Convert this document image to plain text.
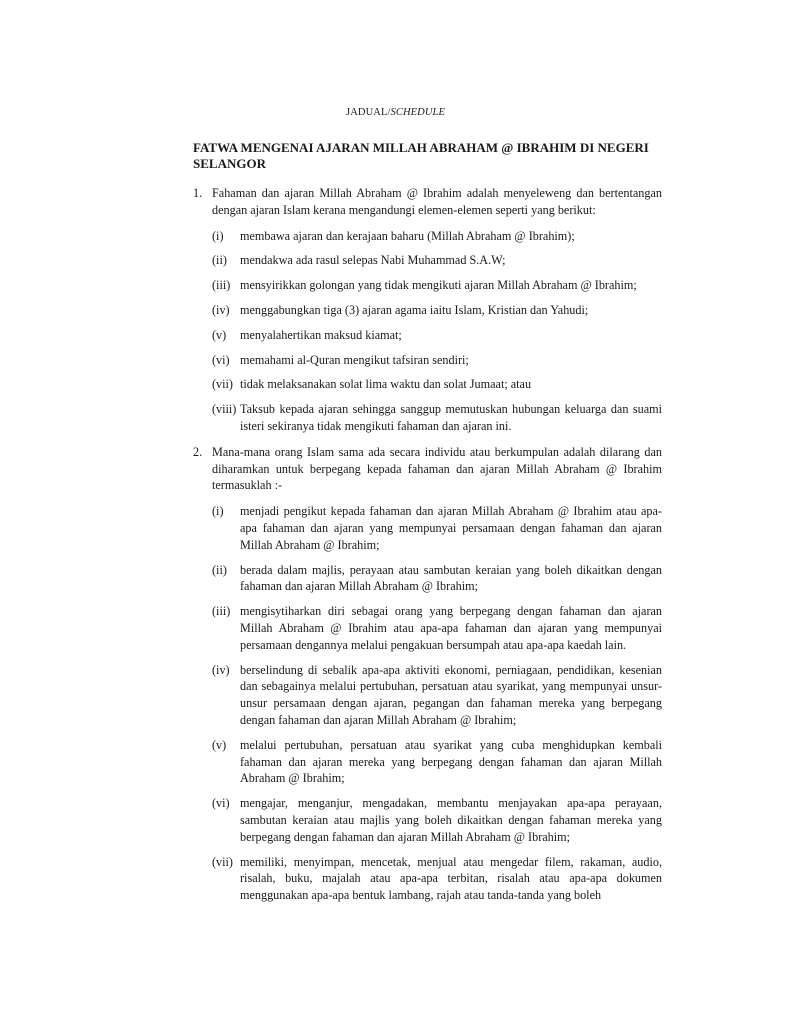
JADUAL/SCHEDULE
FATWA MENGENAI AJARAN MILLAH ABRAHAM @ IBRAHIM DI NEGERI SELANGOR
1. Fahaman dan ajaran Millah Abraham @ Ibrahim adalah menyeleweng dan bertentangan dengan ajaran Islam kerana mengandungi elemen-elemen seperti yang berikut:
(i)	membawa ajaran dan kerajaan baharu (Millah Abraham @ Ibrahim);
(ii)	mendakwa ada rasul selepas Nabi Muhammad S.A.W;
(iii) mensyirikkan golongan yang tidak mengikuti ajaran Millah Abraham @ Ibrahim;
(iv) menggabungkan tiga (3) ajaran agama iaitu Islam, Kristian dan Yahudi;
(v)	menyalahertikan maksud kiamat;
(vi) memahami al-Quran mengikut tafsiran sendiri;
(vii) tidak melaksanakan solat lima waktu dan solat Jumaat; atau
(viii) Taksub kepada ajaran sehingga sanggup memutuskan hubungan keluarga dan suami isteri sekiranya tidak mengikuti fahaman dan ajaran ini.
2. Mana-mana orang Islam sama ada secara individu atau berkumpulan adalah dilarang dan diharamkan untuk berpegang kepada fahaman dan ajaran Millah Abraham @ Ibrahim termasuklah :-
(i)	menjadi pengikut kepada fahaman dan ajaran Millah Abraham @ Ibrahim atau apa-apa fahaman dan ajaran yang mempunyai persamaan dengan fahaman dan ajaran Millah Abraham @ Ibrahim;
(ii)	berada dalam majlis, perayaan atau sambutan keraian yang boleh dikaitkan dengan fahaman dan ajaran Millah Abraham @ Ibrahim;
(iii) mengisytiharkan diri sebagai orang yang berpegang dengan fahaman dan ajaran Millah Abraham @ Ibrahim atau apa-apa fahaman dan ajaran yang mempunyai persamaan dengannya melalui pengakuan bersumpah atau apa-apa kaedah lain.
(iv) berselindung di sebalik apa-apa aktiviti ekonomi, perniagaan, pendidikan, kesenian dan sebagainya melalui pertubuhan, persatuan atau syarikat, yang mempunyai unsur-unsur persamaan dengan ajaran, pegangan dan fahaman mereka yang berpegang dengan fahaman dan ajaran Millah Abraham @ Ibrahim;
(v)	melalui pertubuhan, persatuan atau syarikat yang cuba menghidupkan kembali fahaman dan ajaran mereka yang berpegang dengan fahaman dan ajaran Millah Abraham @ Ibrahim;
(vi) mengajar, menganjur, mengadakan, membantu menjayakan apa-apa perayaan, sambutan keraian atau majlis yang boleh dikaitkan dengan fahaman mereka yang berpegang dengan fahaman dan ajaran Millah Abraham @ Ibrahim;
(vii) memiliki, menyimpan, mencetak, menjual atau mengedar filem, rakaman, audio, risalah, buku, majalah atau apa-apa terbitan, risalah atau apa-apa dokumen menggunakan apa-apa bentuk lambang, rajah atau tanda-tanda yang boleh
